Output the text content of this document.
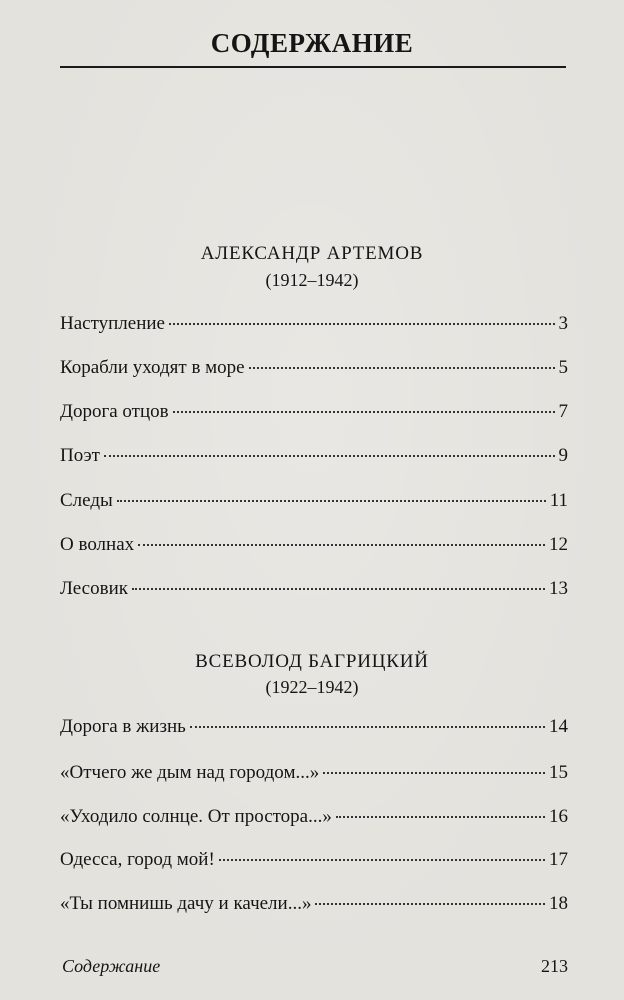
СОДЕРЖАНИЕ
АЛЕКСАНДР АРТЕМОВ
(1912–1942)
Наступление	3
Корабли уходят в море	5
Дорога отцов	7
Поэт	9
Следы	11
О волнах	12
Лесовик	13
ВСЕВОЛОД БАГРИЦКИЙ
(1922–1942)
Дорога в жизнь	14
«Отчего же дым над городом...»	15
«Уходило солнце. От простора...»	16
Одесса, город мой!	17
«Ты помнишь дачу и качели...»	18
Содержание	213
